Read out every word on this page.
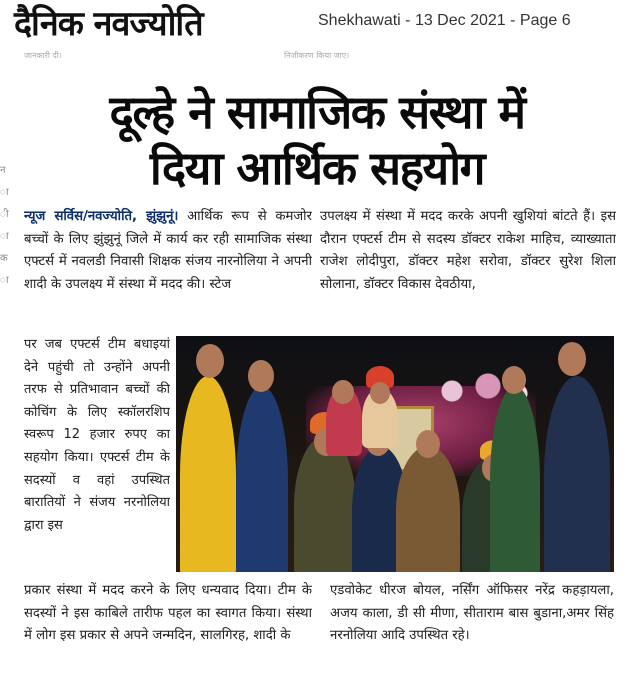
दैनिक नवज्योति	Shekhawati - 13 Dec 2021 - Page 6
जानकारी दी।	निजीकरण किया जाए।
न
ा
ी
ा
क
ा
दूल्हे ने सामाजिक संस्था में
दिया आर्थिक सहयोग
न्यूज सर्विस/नवज्योति, झुंझुनूं। आर्थिक रूप से कमजोर बच्चों के लिए झुंझुनूं जिले में कार्य कर रही सामाजिक संस्था एफ्टर्स में नवलडी निवासी शिक्षक संजय नारनोलिया ने अपनी शादी के उपलक्ष्य में संस्था में मदद की। स्टेज
पर जब एफ्टर्स टीम बधाइयां देने पहुंची तो उन्होंने अपनी तरफ से प्रतिभावान बच्चों की कोचिंग के लिए स्कॉलरशिप स्वरूप 12 हजार रुपए का सहयोग किया। एफ्टर्स टीम के सदस्यों व वहां उपस्थित बारातियों ने संजय नरनोलिया द्वारा इस
प्रकार संस्था में मदद करने के लिए धन्यवाद दिया। टीम के सदस्यों ने इस काबिले तारीफ पहल का स्वागत किया। संस्था में लोग इस प्रकार से अपने जन्मदिन, सालगिरह, शादी के
उपलक्ष्य में संस्था में मदद करके अपनी खुशियां बांटते हैं। इस दौरान एफ्टर्स टीम से सदस्य डॉक्टर राकेश माहिच, व्याख्याता राजेश लोदीपुरा, डॉक्टर महेश सरोवा, डॉक्टर सुरेश शिला सोलाना, डॉक्टर विकास देवठीया,
एडवोकेट धीरज बोयल, नर्सिंग ऑफिसर नरेंद्र कहड़ायला, अजय काला, डी सी मीणा, सीताराम बास बुडाना,अमर सिंह नरनोलिया आदि उपस्थित रहे।
